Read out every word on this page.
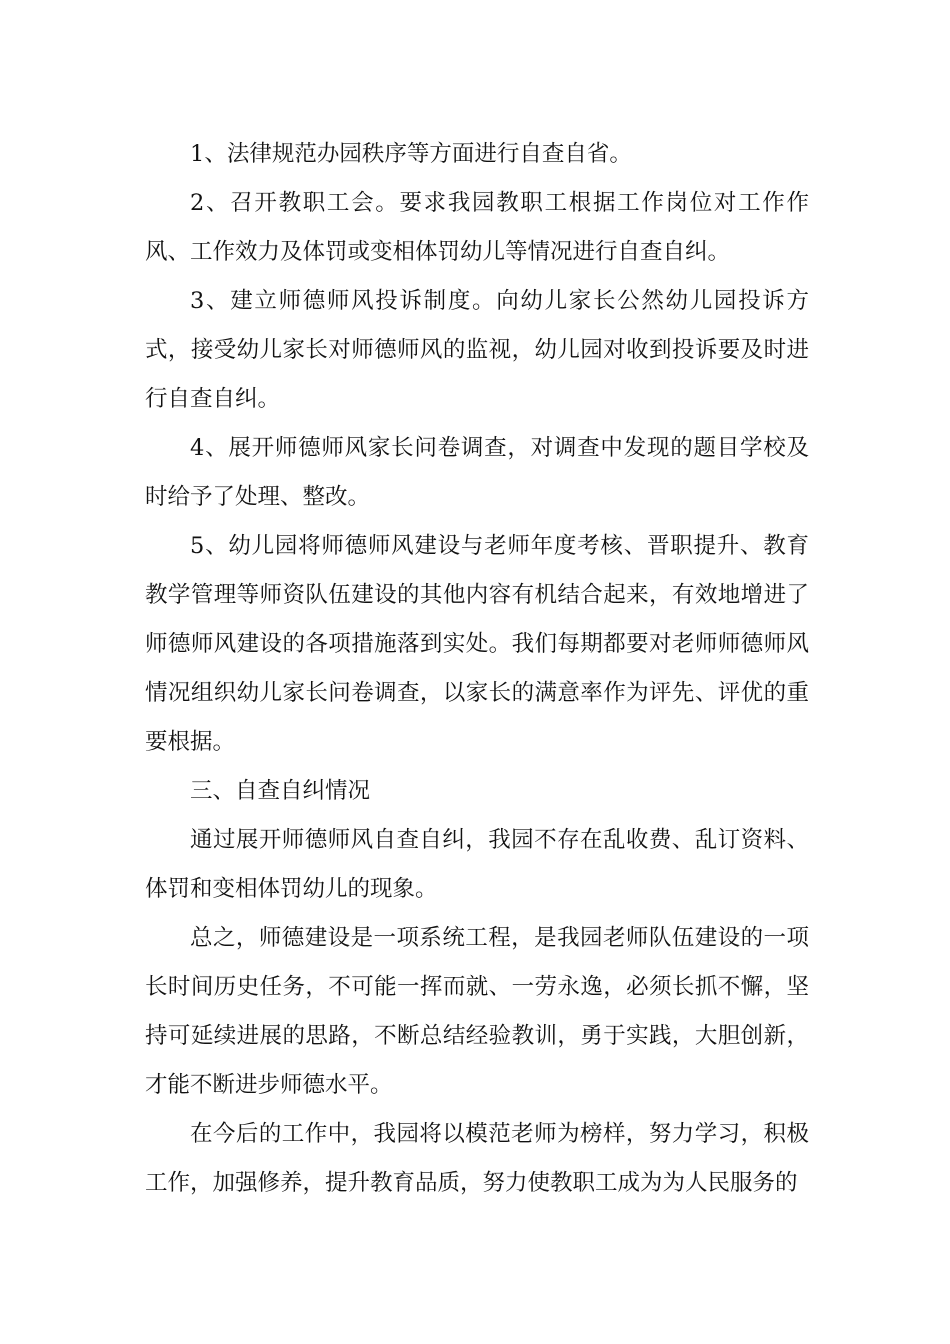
1、法律规范办园秩序等方面进行自查自省。

2、召开教职工会。要求我园教职工根据工作岗位对工作作风、工作效力及体罚或变相体罚幼儿等情况进行自查自纠。

3、建立师德师风投诉制度。向幼儿家长公然幼儿园投诉方式，接受幼儿家长对师德师风的监视，幼儿园对收到投诉要及时进行自查自纠。

4、展开师德师风家长问卷调查，对调查中发现的题目学校及时给予了处理、整改。

5、幼儿园将师德师风建设与老师年度考核、晋职提升、教育教学管理等师资队伍建设的其他内容有机结合起来，有效地增进了师德师风建设的各项措施落到实处。我们每期都要对老师师德师风情况组织幼儿家长问卷调查，以家长的满意率作为评先、评优的重要根据。

三、自查自纠情况

通过展开师德师风自查自纠，我园不存在乱收费、乱订资料、体罚和变相体罚幼儿的现象。

总之，师德建设是一项系统工程，是我园老师队伍建设的一项长时间历史任务，不可能一挥而就、一劳永逸，必须长抓不懈，坚持可延续进展的思路，不断总结经验教训，勇于实践，大胆创新，才能不断进步师德水平。

在今后的工作中，我园将以模范老师为榜样，努力学习，积极工作，加强修养，提升教育品质，努力使教职工成为为人民服务的
